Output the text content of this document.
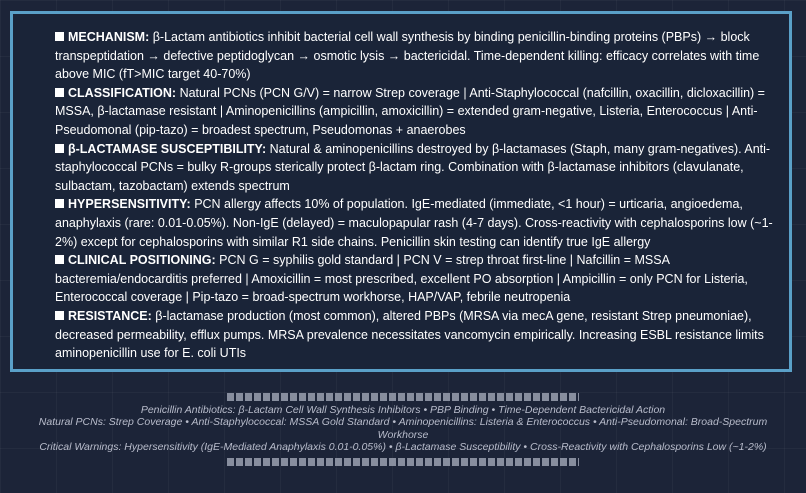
MECHANISM: β-Lactam antibiotics inhibit bacterial cell wall synthesis by binding penicillin-binding proteins (PBPs) → block transpeptidation → defective peptidoglycan → osmotic lysis → bactericidal. Time-dependent killing: efficacy correlates with time above MIC (fT>MIC target 40-70%)

CLASSIFICATION: Natural PCNs (PCN G/V) = narrow Strep coverage | Anti-Staphylococcal (nafcillin, oxacillin, dicloxacillin) = MSSA, β-lactamase resistant | Aminopenicillins (ampicillin, amoxicillin) = extended gram-negative, Listeria, Enterococcus | Anti-Pseudomonal (pip-tazo) = broadest spectrum, Pseudomonas + anaerobes

β-LACTAMASE SUSCEPTIBILITY: Natural & aminopenicillins destroyed by β-lactamases (Staph, many gram-negatives). Anti-staphylococcal PCNs = bulky R-groups sterically protect β-lactam ring. Combination with β-lactamase inhibitors (clavulanate, sulbactam, tazobactam) extends spectrum

HYPERSENSITIVITY: PCN allergy affects 10% of population. IgE-mediated (immediate, <1 hour) = urticaria, angioedema, anaphylaxis (rare: 0.01-0.05%). Non-IgE (delayed) = maculopapular rash (4-7 days). Cross-reactivity with cephalosporins low (~1-2%) except for cephalosporins with similar R1 side chains. Penicillin skin testing can identify true IgE allergy

CLINICAL POSITIONING: PCN G = syphilis gold standard | PCN V = strep throat first-line | Nafcillin = MSSA bacteremia/endocarditis preferred | Amoxicillin = most prescribed, excellent PO absorption | Ampicillin = only PCN for Listeria, Enterococcal coverage | Pip-tazo = broad-spectrum workhorse, HAP/VAP, febrile neutropenia

RESISTANCE: β-lactamase production (most common), altered PBPs (MRSA via mecA gene, resistant Strep pneumoniae), decreased permeability, efflux pumps. MRSA prevalence necessitates vancomycin empirically. Increasing ESBL resistance limits aminopenicillin use for E. coli UTIs

Penicillin Antibiotics: β-Lactam Cell Wall Synthesis Inhibitors • PBP Binding • Time-Dependent Bactericidal Action
Natural PCNs: Strep Coverage • Anti-Staphylococcal: MSSA Gold Standard • Aminopenicillins: Listeria & Enterococcus • Anti-Pseudomonal: Broad-Spectrum Workhorse
Critical Warnings: Hypersensitivity (IgE-Mediated Anaphylaxis 0.01-0.05%) • β-Lactamase Susceptibility • Cross-Reactivity with Cephalosporins Low (~1-2%)
